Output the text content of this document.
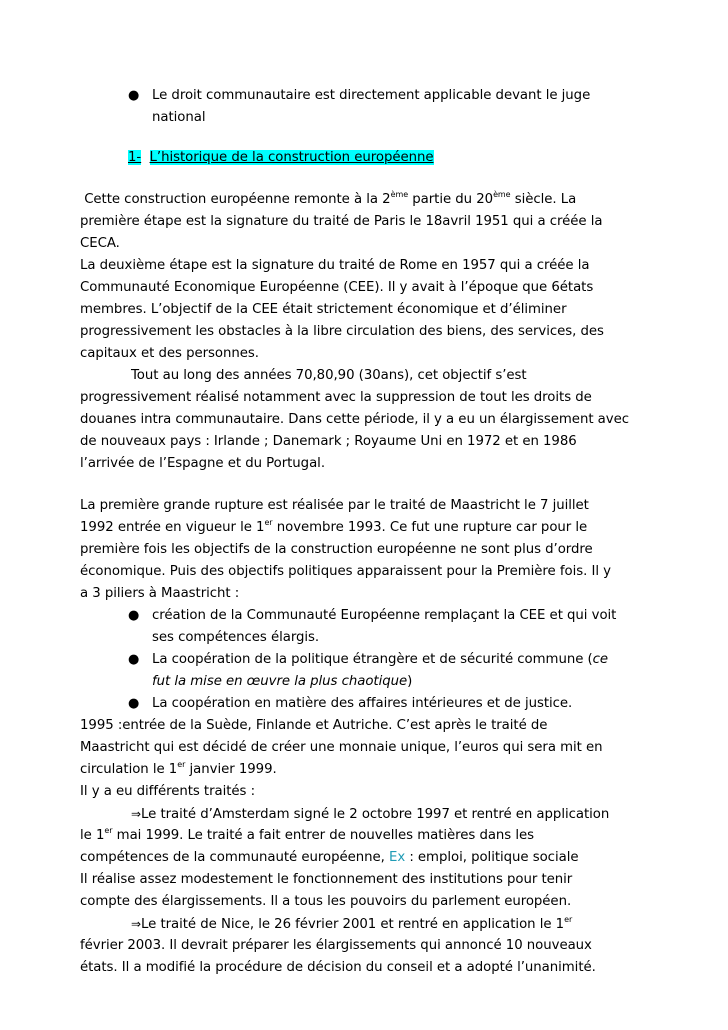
● Le droit communautaire est directement applicable devant le juge
national
1- L’historique de la construction européenne
Cette construction européenne remonte à la 2ème partie du 20ème siècle. La
première étape est la signature du traité de Paris le 18avril 1951 qui a créée la
CECA.
La deuxième étape est la signature du traité de Rome en 1957 qui a créée la
Communauté Economique Européenne (CEE). Il y avait à l’époque que 6états
membres. L’objectif de la CEE était strictement économique et d’éliminer
progressivement les obstacles à la libre circulation des biens, des services, des
capitaux et des personnes.
Tout au long des années 70,80,90 (30ans), cet objectif s’est
progressivement réalisé notamment avec la suppression de tout les droits de
douanes intra communautaire. Dans cette période, il y a eu un élargissement avec
de nouveaux pays : Irlande ; Danemark ; Royaume Uni en 1972 et en 1986
l’arrivée de l’Espagne et du Portugal.
La première grande rupture est réalisée par le traité de Maastricht le 7 juillet
1992 entrée en vigueur le 1er novembre 1993. Ce fut une rupture car pour le
première fois les objectifs de la construction européenne ne sont plus d’ordre
économique. Puis des objectifs politiques apparaissent pour la Première fois. Il y
a 3 piliers à Maastricht :
● création de la Communauté Européenne remplaçant la CEE et qui voit
ses compétences élargis.
● La coopération de la politique étrangère et de sécurité commune (ce
fut la mise en œuvre la plus chaotique)
● La coopération en matière des affaires intérieures et de justice.
1995 :entrée de la Suède, Finlande et Autriche. C’est après le traité de
Maastricht qui est décidé de créer une monnaie unique, l’euros qui sera mit en
circulation le 1er janvier 1999.
Il y a eu différents traités :
⇒Le traité d’Amsterdam signé le 2 octobre 1997 et rentré en application
le 1er mai 1999. Le traité a fait entrer de nouvelles matières dans les
compétences de la communauté européenne, Ex : emploi, politique sociale
Il réalise assez modestement le fonctionnement des institutions pour tenir
compte des élargissements. Il a tous les pouvoirs du parlement européen.
⇒Le traité de Nice, le 26 février 2001 et rentré en application le 1er
février 2003. Il devrait préparer les élargissements qui annoncé 10 nouveaux
états. Il a modifié la procédure de décision du conseil et a adopté l’unanimité.
